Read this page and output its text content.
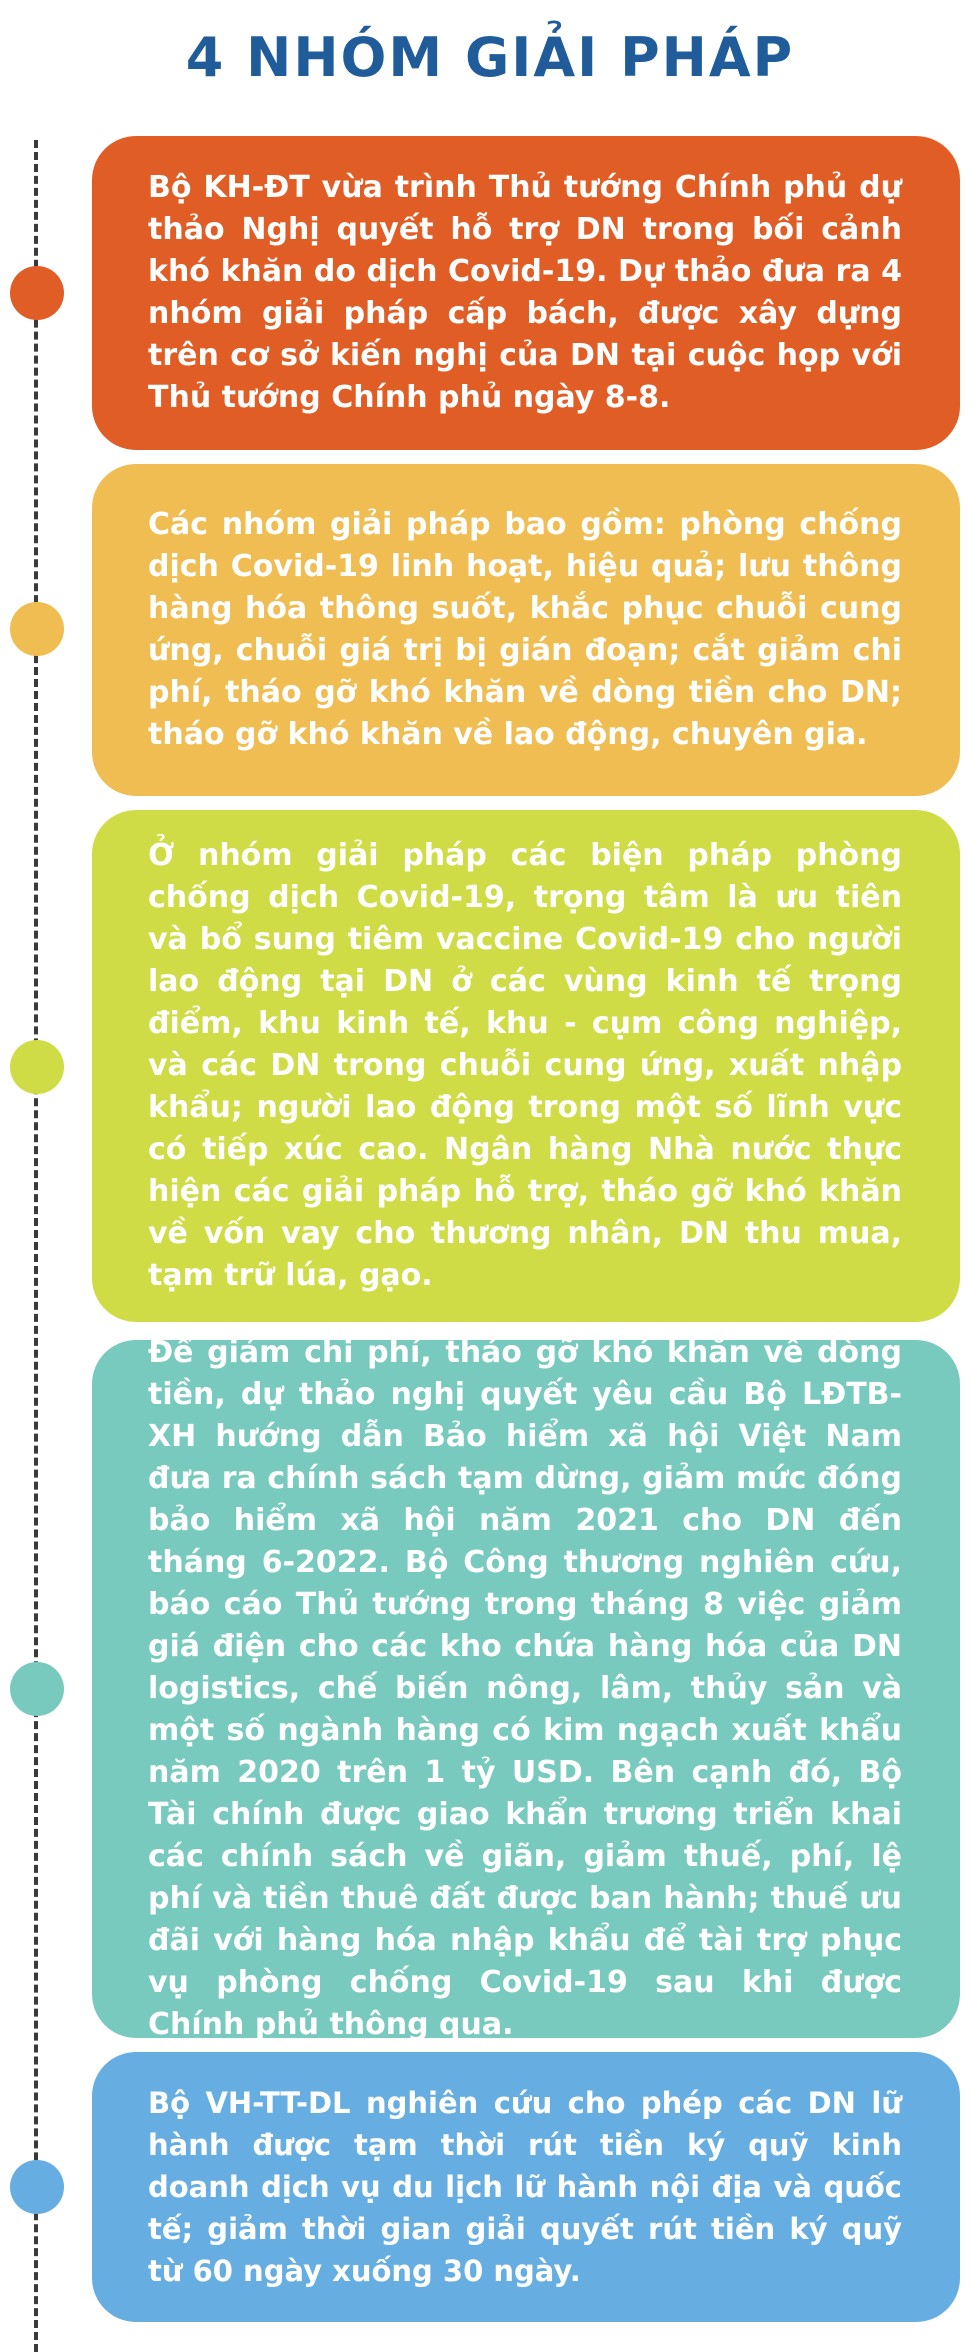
4 NHÓM GIẢI PHÁP

Bộ KH-ĐT vừa trình Thủ tướng Chính phủ dự thảo Nghị quyết hỗ trợ DN trong bối cảnh khó khăn do dịch Covid-19. Dự thảo đưa ra 4 nhóm giải pháp cấp bách, được xây dựng trên cơ sở kiến nghị của DN tại cuộc họp với Thủ tướng Chính phủ ngày 8-8.

Các nhóm giải pháp bao gồm: phòng chống dịch Covid-19 linh hoạt, hiệu quả; lưu thông hàng hóa thông suốt, khắc phục chuỗi cung ứng, chuỗi giá trị bị gián đoạn; cắt giảm chi phí, tháo gỡ khó khăn về dòng tiền cho DN; tháo gỡ khó khăn về lao động, chuyên gia.

Ở nhóm giải pháp các biện pháp phòng chống dịch Covid-19, trọng tâm là ưu tiên và bổ sung tiêm vaccine Covid-19 cho người lao động tại DN ở các vùng kinh tế trọng điểm, khu kinh tế, khu - cụm công nghiệp, và các DN trong chuỗi cung ứng, xuất nhập khẩu; người lao động trong một số lĩnh vực có tiếp xúc cao. Ngân hàng Nhà nước thực hiện các giải pháp hỗ trợ, tháo gỡ khó khăn về vốn vay cho thương nhân, DN thu mua, tạm trữ lúa, gạo.

Để giảm chi phí, tháo gỡ khó khăn về dòng tiền, dự thảo nghị quyết yêu cầu Bộ LĐTB-XH hướng dẫn Bảo hiểm xã hội Việt Nam đưa ra chính sách tạm dừng, giảm mức đóng bảo hiểm xã hội năm 2021 cho DN đến tháng 6-2022. Bộ Công thương nghiên cứu, báo cáo Thủ tướng trong tháng 8 việc giảm giá điện cho các kho chứa hàng hóa của DN logistics, chế biến nông, lâm, thủy sản và một số ngành hàng có kim ngạch xuất khẩu năm 2020 trên 1 tỷ USD. Bên cạnh đó, Bộ Tài chính được giao khẩn trương triển khai các chính sách về giãn, giảm thuế, phí, lệ phí và tiền thuê đất được ban hành; thuế ưu đãi với hàng hóa nhập khẩu để tài trợ phục vụ phòng chống Covid-19 sau khi được Chính phủ thông qua.

Bộ VH-TT-DL nghiên cứu cho phép các DN lữ hành được tạm thời rút tiền ký quỹ kinh doanh dịch vụ du lịch lữ hành nội địa và quốc tế; giảm thời gian giải quyết rút tiền ký quỹ từ 60 ngày xuống 30 ngày.
